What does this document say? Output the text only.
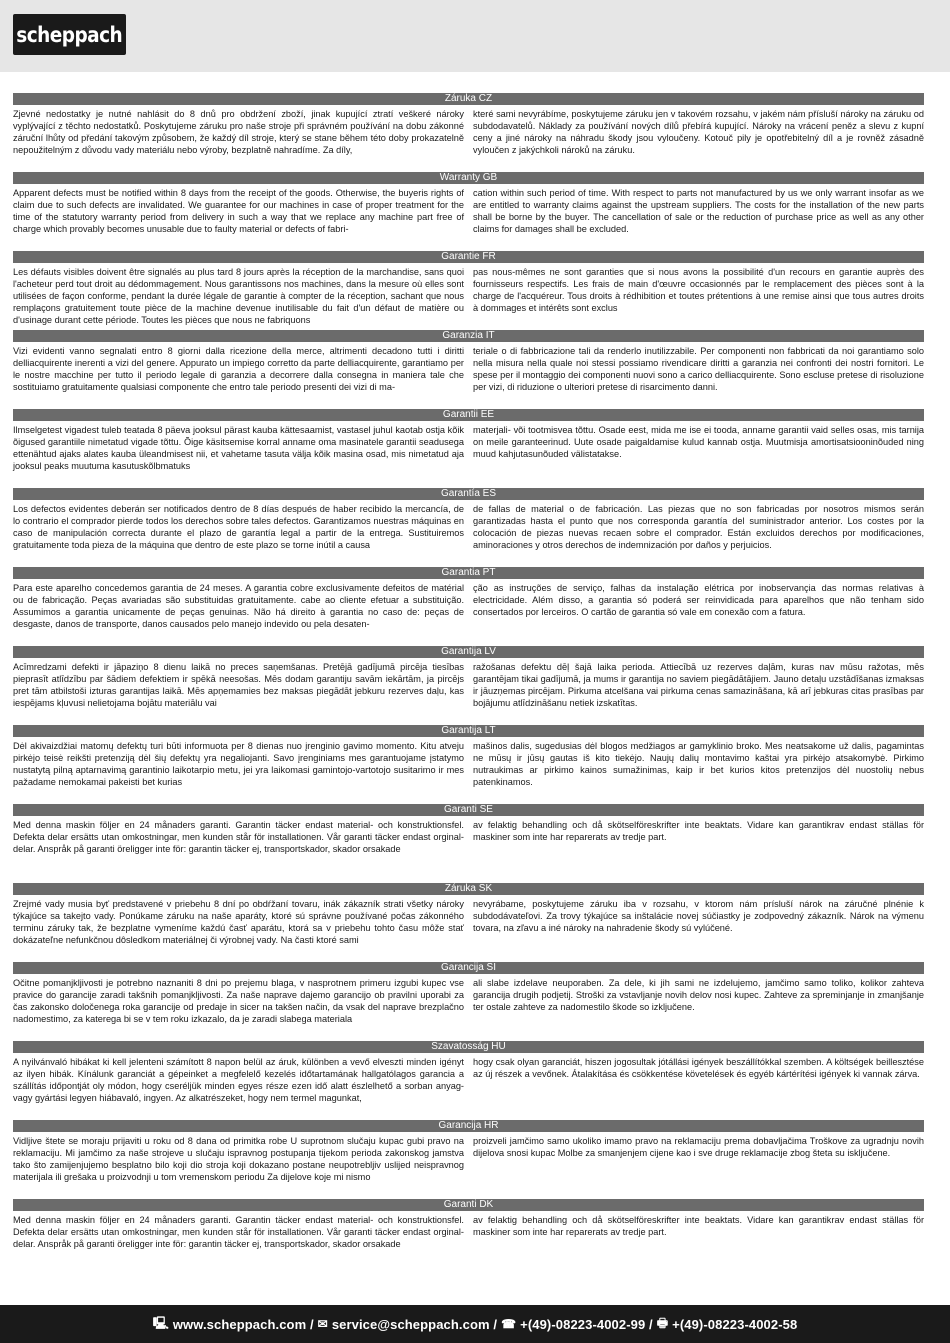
scheppach
Záruka CZ
Zjevné nedostatky je nutné nahlásit do 8 dnů pro obdržení zboží, jinak kupující ztratí veškeré nároky vyplývající z těchto nedostatků. Poskytujeme záruku pro naše stroje při správném používání na dobu zákonné záruční lhůty od předání takovým způsobem, že každý díl stroje, který se stane během této doby prokazatelně nepoužitelným z důvodu vady materiálu nebo výroby, bezplatně nahradíme. Za díly,
které sami nevyrábíme, poskytujeme záruku jen v takovém rozsahu, v jakém nám přísluší nároky na záruku od subdodavatelů. Náklady za používání nových dílů přebírá kupující. Nároky na vrácení peněz a slevu z kupní ceny a jiné nároky na náhradu škody jsou vyloučeny. Kotouč pily je opotřebitelný díl a je rovněž zásadně vyloučen z jakýchkoli nároků na záruku.
Warranty GB
Apparent defects must be notified within 8 days from the receipt of the goods. Otherwise, the buyeris rights of claim due to such defects are invalidated. We guarantee for our machines in case of proper treatment for the time of the statutory warranty period from delivery in such a way that we replace any machine part free of charge which provably becomes unusable due to faulty material or defects of fabri-
cation within such period of time. With respect to parts not manufactured by us we only warrant insofar as we are entitled to warranty claims against the upstream suppliers. The costs for the installation of the new parts shall be borne by the buyer. The cancellation of sale or the reduction of purchase price as well as any other claims for damages shall be excluded.
Garantie FR
Les défauts visibles doivent être signalés au plus tard 8 jours après la réception de la marchandise, sans quoi l'acheteur perd tout droit au dédommagement. Nous garantissons nos machines, dans la mesure où elles sont utilisées de façon conforme, pendant la durée légale de garantie à compter de la réception, sachant que nous remplaçons gratuitement toute pièce de la machine devenue inutilisable du fait d'un défaut de matière ou d'usinage durant cette période. Toutes les pièces que nous ne fabriquons
pas nous-mêmes ne sont garanties que si nous avons la possibilité d'un recours en garantie auprès des fournisseurs respectifs. Les frais de main d'œuvre occasionnés par le remplacement des pièces sont à la charge de l'acquéreur. Tous droits à rédhibition et toutes prétentions à une remise ainsi que tous autres droits à dommages et intérêts sont exclus
Garanzia IT
Vizi evidenti vanno segnalati entro 8 giorni dalla ricezione della merce, altrimenti decadono tutti i diritti delliacquirente inerenti a vizi del genere. Appurato un impiego corretto da parte delliacquirente, garantiamo per le nostre macchine per tutto il periodo legale di garanzia a decorrere dalla consegna in maniera tale che sostituiamo gratuitamente qualsiasi componente che entro tale periodo presenti dei vizi di ma-
teriale o di fabbricazione tali da renderlo inutilizzabile. Per componenti non fabbricati da noi garantiamo solo nella misura nella quale noi stessi possiamo rivendicare diritti a garanzia nei confronti dei nostri fornitori. Le spese per il montaggio dei componenti nuovi sono a carico delliacquirente. Sono escluse pretese di risoluzione per vizi, di riduzione o ulteriori pretese di risarcimento danni.
Garantii EE
Ilmselgetest vigadest tuleb teatada 8 päeva jooksul pärast kauba kättesaamist, vastasel juhul kaotab ostja kõik õigused garantiile nimetatud vigade tõttu. Õige käsitsemise korral anname oma masinatele garantii seadusega ettenähtud ajaks alates kauba üleandmisest nii, et vahetame tasuta välja kõik masina osad, mis nimetatud aja jooksul peaks muutuma kasutuskõlbmatuks
materjali- või tootmisvea tõttu. Osade eest, mida me ise ei tooda, anname garantii vaid selles osas, mis tarnija on meile garanteerinud. Uute osade paigaldamise kulud kannab ostja. Muutmisja amortisatsiooninõuded ning muud kahjutasunõuded välistatakse.
Garantía ES
Los defectos evidentes deberán ser notificados dentro de 8 días después de haber recibido la mercancía, de lo contrario el comprador pierde todos los derechos sobre tales defectos. Garantizamos nuestras máquinas en caso de manipulación correcta durante el plazo de garantía legal a partir de la entrega. Sustituiremos gratuitamente toda pieza de la máquina que dentro de este plazo se torne inútil a causa
de fallas de material o de fabricación. Las piezas que no son fabricadas por nosotros mismos serán garantizadas hasta el punto que nos corresponda garantía del suministrador anterior. Los costes por la colocación de piezas nuevas recaen sobre el comprador. Están excluidos derechos por modificaciones, aminoraciones y otros derechos de indemnización por daños y perjuicios.
Garantia PT
Para este aparelho concedemos garantia de 24 meses. A garantia cobre exclusivamente defeitos de matérial ou de fabricação. Peças avariadas são substituidas gratuitamente. cabe ao cliente efetuar a substituição. Assumimos a garantia unicamente de peças genuinas. Não há direito à garantia no caso de: peças de desgaste, danos de transporte, danos causados pelo manejo indevido ou pela desaten-
ção as instruções de serviço, falhas da instalação elétrica por inobservançia das normas relativas à electricidade. Além disso, a garantia só poderá ser reinvidicada para aparelhos que não tenham sido consertados por lerceiros. O cartão de garantia só vale em conexão com a fatura.
Garantija LV
Acīmredzami defekti ir jāpaziņo 8 dienu laikā no preces saņemšanas. Pretējā gadījumā pircēja tiesības pieprasīt atlīdzību par šādiem defektiem ir spēkā neesošas. Mēs dodam garantiju savām iekārtām, ja pircējs pret tām atbilstoši izturas garantijas laikā. Mēs apņemamies bez maksas piegādāt jebkuru rezerves daļu, kas iespējams kļuvusi nelietojama bojātu materiālu vai
ražošanas defektu dēļ šajā laika perioda. Attiecībā uz rezerves daļām, kuras nav mūsu ražotas, mēs garantējam tikai gadījumā, ja mums ir garantija no saviem piegādātājiem. Jauno detaļu uzstādīšanas izmaksas ir jāuzņemas pircējam. Pirkuma atcelšana vai pirkuma cenas samazināšana, kā arī jebkuras citas prasības par bojājumu atlīdzināšanu netiek izskatītas.
Garantija LT
Dėl akivaizdžiai matomų defektų turi būti informuota per 8 dienas nuo įrenginio gavimo momento. Kitu atveju pirkėjo teisė reikšti pretenziją dėl šių defektų yra negaliojanti. Savo įrenginiams mes garantuojame įstatymo nustatytą pilną aptarnavimą garantinio laikotarpio metu, jei yra laikomasi gamintojo-vartotojo susitarimo ir mes pažadame nemokamai pakeisti bet kurias
mašinos dalis, sugedusias dėl blogos medžiagos ar gamyklinio broko. Mes neatsakome už dalis, pagamintas ne mūsų ir jūsų gautas iš kito tiekėjo. Naujų dalių montavimo kaštai yra pirkėjo atsakomybė. Pirkimo nutraukimas ar pirkimo kainos sumažinimas, kaip ir bet kurios kitos pretenzijos dėl nuostolių nebus patenkinamos.
Garanti SE
Med denna maskin följer en 24 månaders garanti. Garantin täcker endast material- och konstruktionsfel. Defekta delar ersätts utan omkostningar, men kunden står för installationen. Vår garanti täcker endast orginal-delar. Anspråk på garanti öreligger inte för: garantin täcker ej, transportskador, skador orsakade
av felaktig behandling och då skötselföreskrifter inte beaktats. Vidare kan garantikrav endast ställas för maskiner som inte har reparerats av tredje part.
Záruka SK
Zrejmé vady musia byť predstavené v priebehu 8 dní po obdŕžaní tovaru, inák zákazník strati všetky nároky týkajúce sa takejto vady. Ponúkame záruku na naše aparáty, ktoré sú správne používané počas zákonného terminu záruky tak, že bezplatne vymeníme každú časť aparátu, ktorá sa v priebehu tohto času môže stať dokázateľne nefunkčnou dôsledkom materiálnej či výrobnej vady. Na časti ktoré sami
nevyrábame, poskytujeme záruku iba v rozsahu, v ktorom nám prísluší nárok na záručné plnénie k subdodávateľovi. Za trovy týkajúce sa inštalácie novej súčiastky je zodpovedný zákazník. Nárok na výmenu tovara, na zľavu a iné nároky na nahradenie škody sú vylúčené.
Garancija SI
Očitne pomanjkljivosti je potrebno naznaniti 8 dni po prejemu blaga, v nasprotnem primeru izgubi kupec vse pravice do garancije zaradi takšnih pomanjkljivosti. Za naše naprave dajemo garancijo ob pravilni uporabi za čas zakonsko določenega roka garancije od predaje in sicer na takšen način, da vsak del naprave brezplačno nadomestimo, za katerega bi se v tem roku izkazalo, da je zaradi slabega materiala
ali slabe izdelave neuporaben. Za dele, ki jih sami ne izdelujemo, jamčimo samo toliko, kolikor zahteva garancija drugih podjetij. Stroški za vstavljanje novih delov nosi kupec. Zahteve za spreminjanje in zmanjšanje ter ostale zahteve za nadomestilo škode so izključene.
Szavatosság HU
A nyilvánvaló hibákat ki kell jelenteni számított 8 napon belül az áruk, különben a vevő elveszti minden igényt az ilyen hibák. Kínálunk garanciát a gépeinket a megfelelő kezelés időtartamának hallgatólagos garancia a szállítás időpontját oly módon, hogy cseréljük minden egyes része ezen idő alatt észlelhető a sorban anyag-vagy gyártási legyen hiábavaló, ingyen. Az alkatrészeket, hogy nem termel magunkat,
hogy csak olyan garanciát, hiszen jogosultak jótállási igények beszállítókkal szemben. A költségek beillesztése az új részek a vevőnek. Átalakítása és csökkentése követelések és egyéb kártérítési igények ki vannak zárva.
Garancija HR
Vidljive štete se moraju prijaviti u roku od 8 dana od primitka robe U suprotnom slučaju kupac gubi pravo na reklamaciju. Mi jamčimo za naše strojeve u slučaju ispravnog postupanja tijekom perioda zakonskog jamstva tako što zamijenjujemo besplatno bilo koji dio stroja koji dokazano postane neupotrebljiv uslijed neispravnog materijala ili grešaka u proizvodnji u tom vremenskom periodu Za dijelove koje mi nismo
proizveli jamčimo samo ukoliko imamo pravo na reklamaciju prema dobavljačima Troškove za ugradnju novih dijelova snosi kupac Molbe za smanjenjem cijene kao i sve druge reklamacije zbog šteta su isključene.
Garanti DK
Med denna maskin följer en 24 månaders garanti. Garantin täcker endast material- och konstruktionsfel. Defekta delar ersätts utan omkostningar, men kunden står för installationen. Vår garanti täcker endast orginal-delar. Anspråk på garanti öreligger inte för: garantin täcker ej, transportskador, skador orsakade
av felaktig behandling och då skötselföreskrifter inte beaktats. Vidare kan garantikrav endast ställas för maskiner som inte har reparerats av tredje part.
🖳 www.scheppach.com / ✉ service@scheppach.com / ☎ +(49)-08223-4002-99 / 🖶 +(49)-08223-4002-58
